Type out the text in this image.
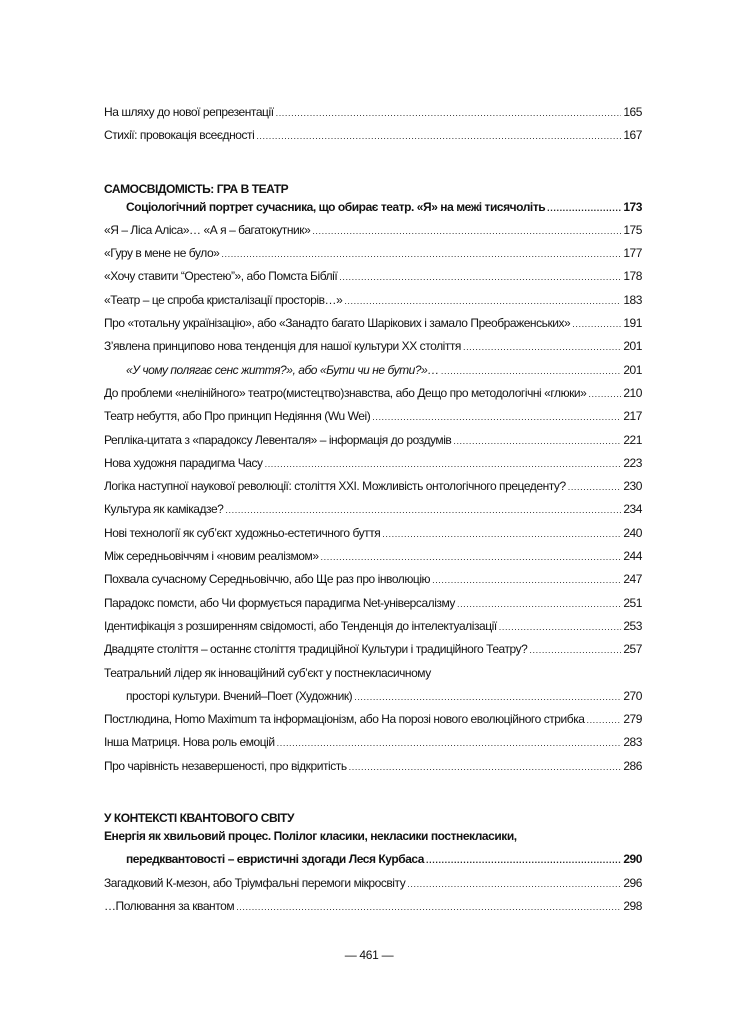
На шляху до нової репрезентації .....	165
Стихії: провокація всеєдності .....	167
САМОСВІДОМІСТЬ: ГРА В ТЕАТР
Соціологічний портрет сучасника, що обирає театр. «Я» на межі тисячоліть .....	173
«Я – Ліса Аліса»… «А я – багатокутник» .....	175
«Гуру в мене не було» .....	177
«Хочу ставити “Орестею”», або Помста Біблії .....	178
«Театр – це спроба кристалізації просторів…» .....	183
Про «тотальну українізацію», або «Занадто багато Шарікових і замало Преображенських» .....	191
З’явлена принципово нова тенденція для нашої культури XX століття .....	201
«У чому полягає сенс життя?», або «Бути чи не бути?»… .....	201
До проблеми «нелінійного» театро(мистецтво)знавства, або Дещо про методологічні «глюки» .....	210
Театр небуття, або Про принцип Недіяння (Wu Wei) .....	217
Репліка-цитата з «парадоксу Левенталя» – інформація до роздумів .....	221
Нова художня парадигма Часу .....	223
Логіка наступної наукової революції: століття XXI. Можливість онтологічного прецеденту? .....	230
Культура як камікадзе? .....	234
Нові технології як суб’єкт художньо-естетичного буття .....	240
Між середньовіччям і «новим реалізмом» .....	244
Похвала сучасному Середньовіччю, або Ще раз про інволюцію .....	247
Парадокс помсти, або Чи формується парадигма Net-універсалізму .....	251
Ідентифікація з розширенням свідомості, або Тенденція до інтелектуалізації .....	253
Двадцяте століття – останнє століття традиційної Культури і традиційного Театру? .....	257
Театральний лідер як інноваційний суб’єкт у постнекласичному
просторі культури. Вчений–Поет (Художник) .....	270
Постлюдина, Homo Maximum та інформаціонізм, або На порозі нового еволюційного стрибка .....	279
Інша Матриця. Нова роль емоцій .....	283
Про чарівність незавершеності, про відкритість .....	286
У КОНТЕКСТІ КВАНТОВОГО СВІТУ
Енергія як хвильовий процес. Полілог класики, некласики постнекласики,
передквантовості – евристичні здогади Леся Курбаса .....	290
Загадковий К-мезон, або Тріумфальні перемоги мікросвіту .....	296
…Полювання за квантом .....	298
— 461 —
